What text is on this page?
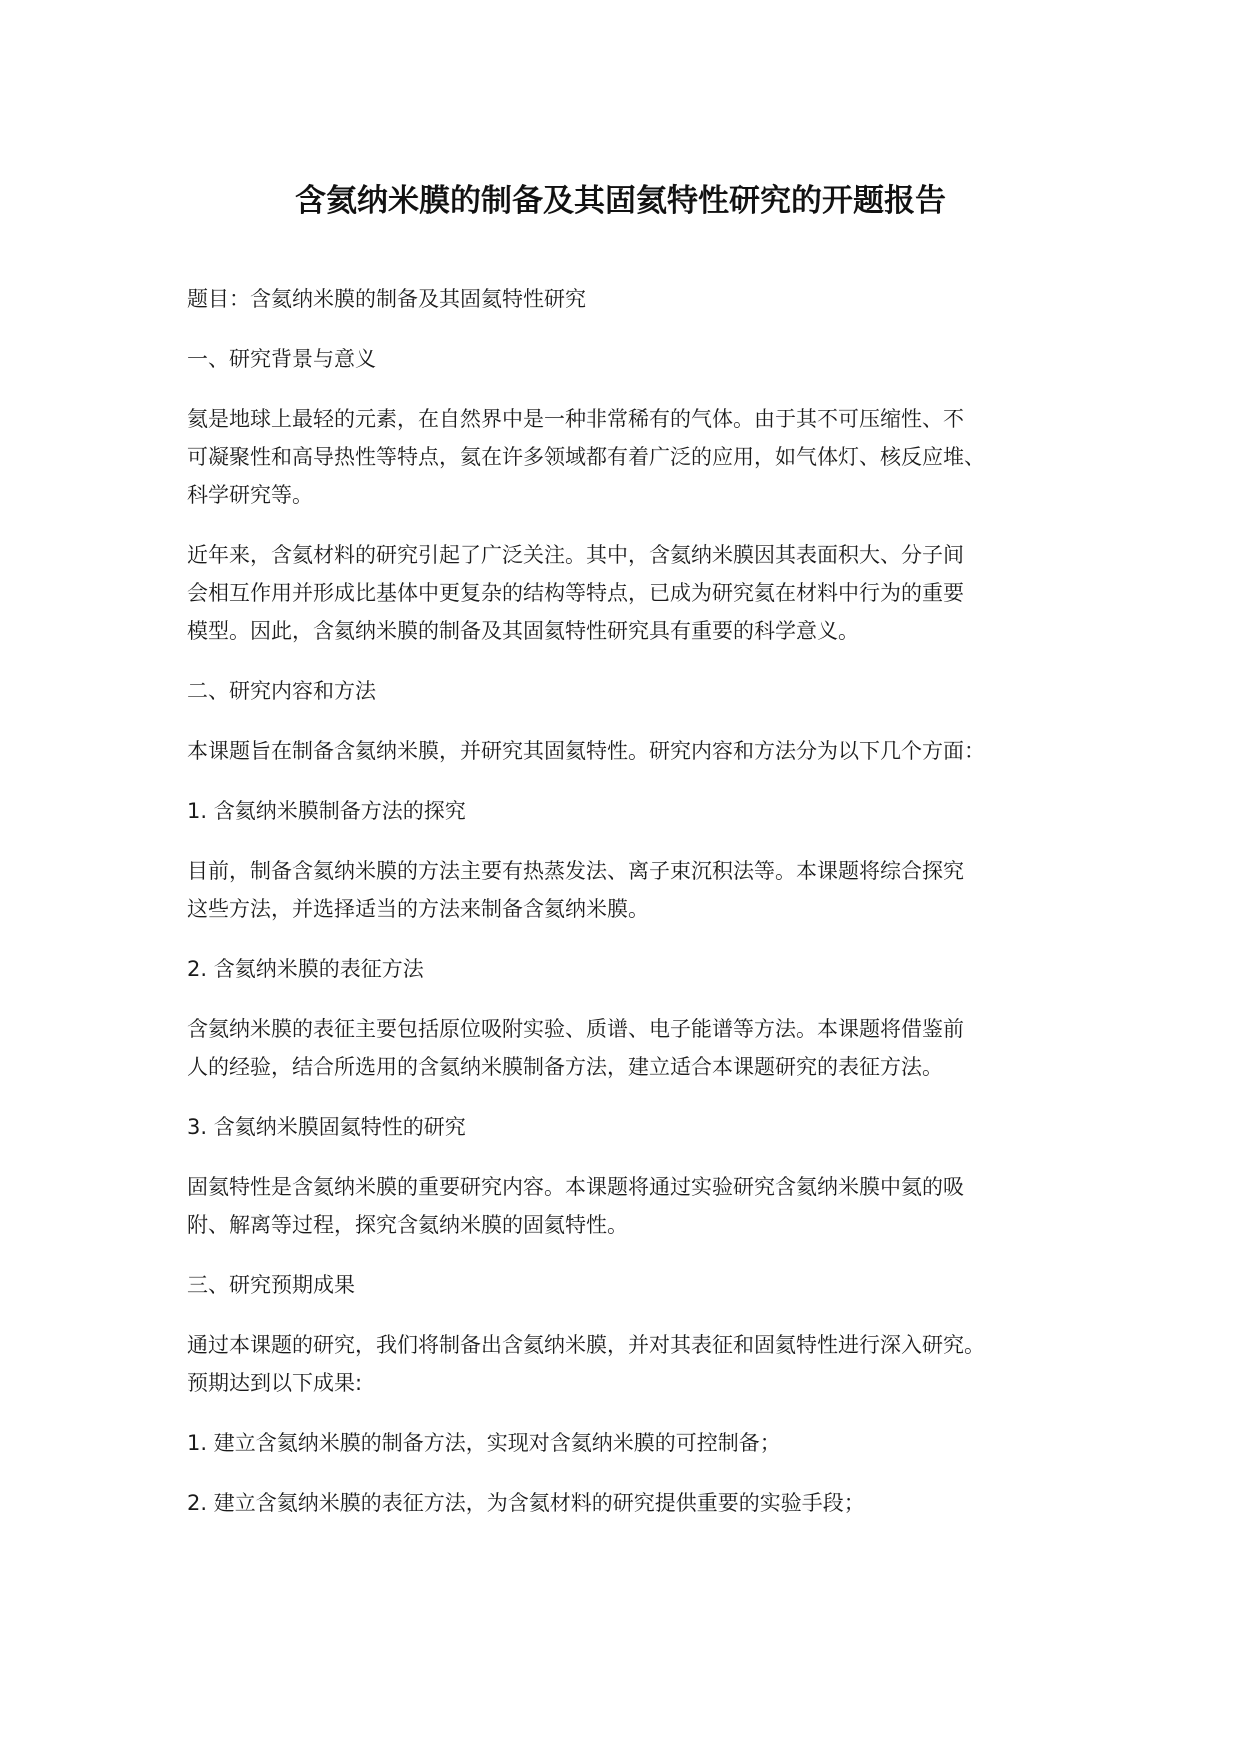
含氦纳米膜的制备及其固氦特性研究的开题报告

题目：含氦纳米膜的制备及其固氦特性研究

一、研究背景与意义

氦是地球上最轻的元素，在自然界中是一种非常稀有的气体。由于其不可压缩性、不

可凝聚性和高导热性等特点，氦在许多领域都有着广泛的应用，如气体灯、核反应堆、

科学研究等。

近年来，含氦材料的研究引起了广泛关注。其中，含氦纳米膜因其表面积大、分子间

会相互作用并形成比基体中更复杂的结构等特点，已成为研究氦在材料中行为的重要

模型。因此，含氦纳米膜的制备及其固氦特性研究具有重要的科学意义。

二、研究内容和方法

本课题旨在制备含氦纳米膜，并研究其固氦特性。研究内容和方法分为以下几个方面：

1. 含氦纳米膜制备方法的探究

目前，制备含氦纳米膜的方法主要有热蒸发法、离子束沉积法等。本课题将综合探究

这些方法，并选择适当的方法来制备含氦纳米膜。

2. 含氦纳米膜的表征方法

含氦纳米膜的表征主要包括原位吸附实验、质谱、电子能谱等方法。本课题将借鉴前

人的经验，结合所选用的含氦纳米膜制备方法，建立适合本课题研究的表征方法。

3. 含氦纳米膜固氦特性的研究

固氦特性是含氦纳米膜的重要研究内容。本课题将通过实验研究含氦纳米膜中氦的吸

附、解离等过程，探究含氦纳米膜的固氦特性。

三、研究预期成果

通过本课题的研究，我们将制备出含氦纳米膜，并对其表征和固氦特性进行深入研究。

预期达到以下成果:

1. 建立含氦纳米膜的制备方法，实现对含氦纳米膜的可控制备；

2. 建立含氦纳米膜的表征方法，为含氦材料的研究提供重要的实验手段；
